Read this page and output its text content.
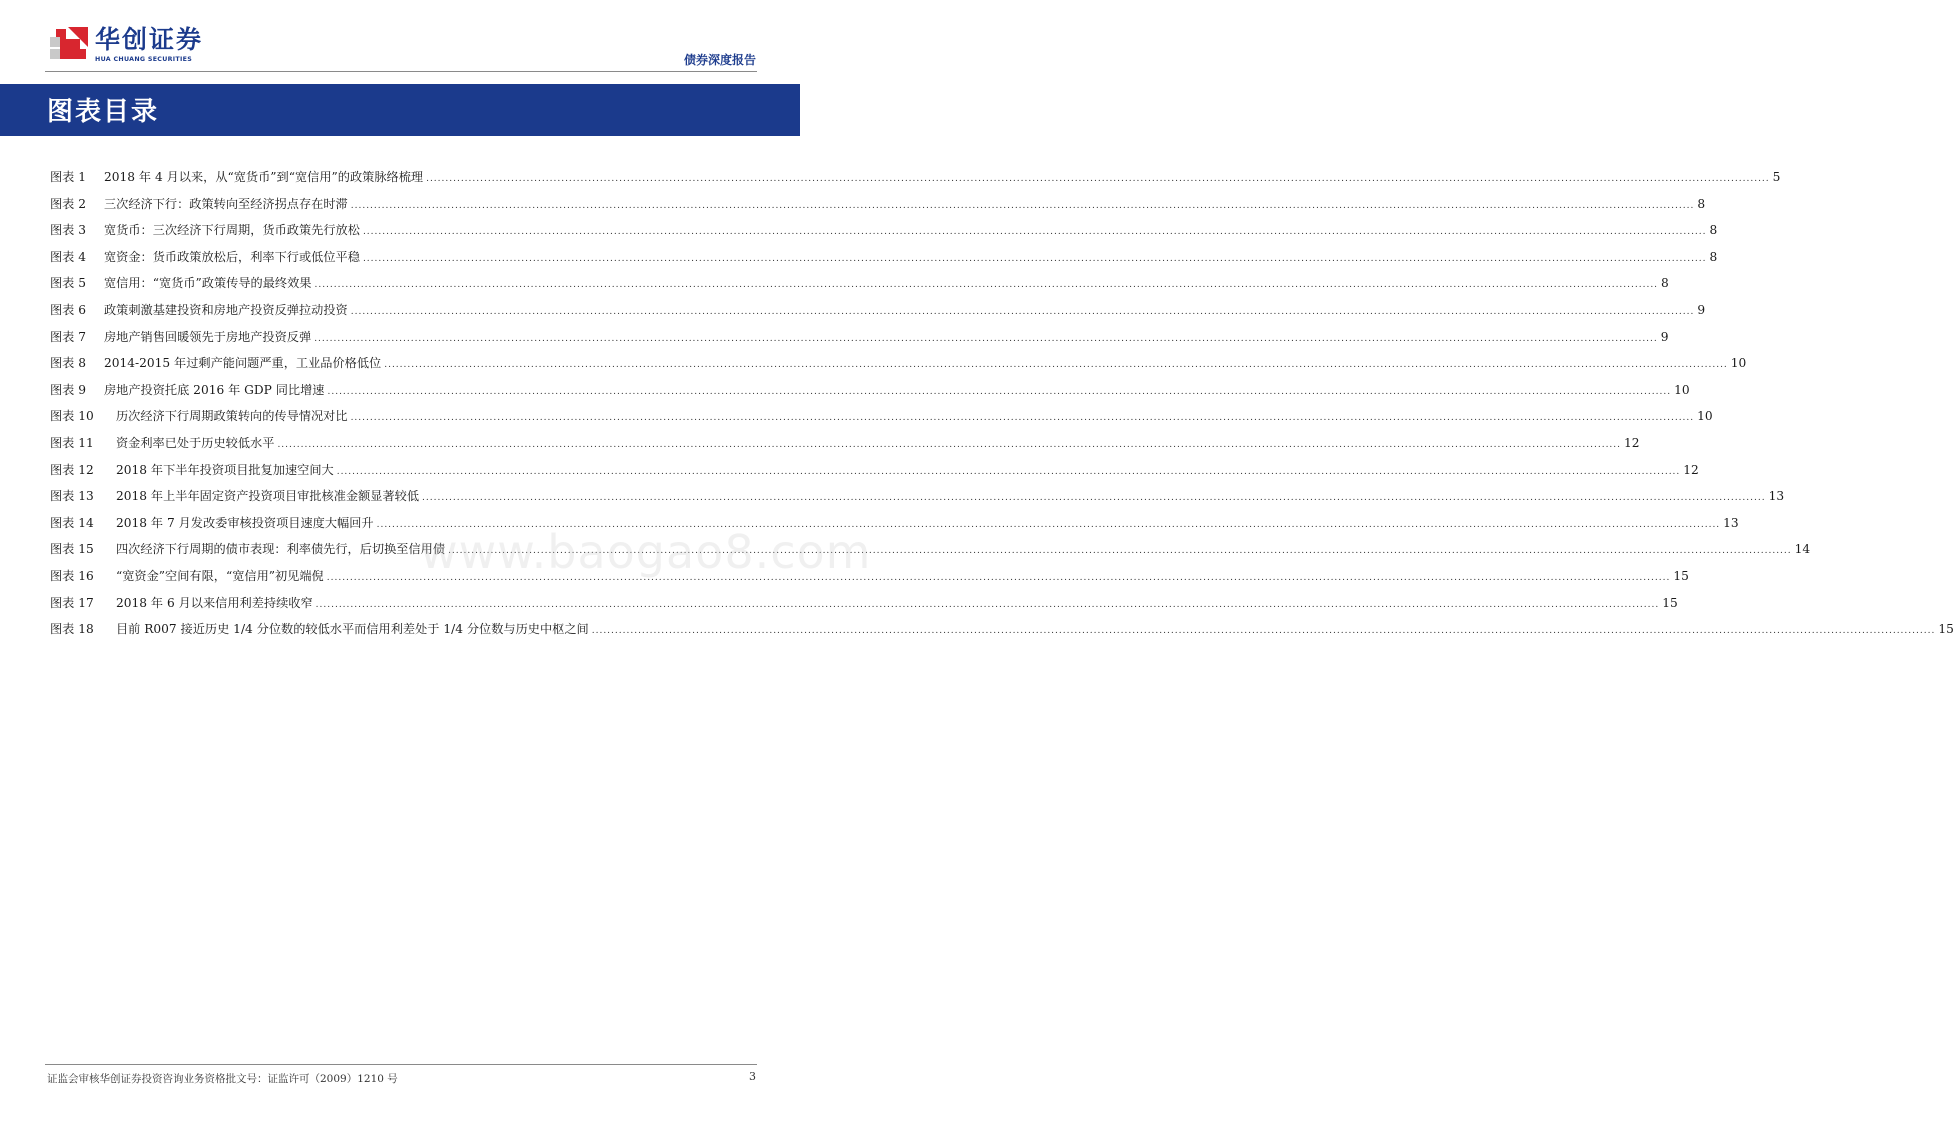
华创证券
HUA CHUANG SECURITIES	债券深度报告
图表目录
图表 1	2018 年 4 月以来，从“宽货币”到“宽信用”的政策脉络梳理 .....	5
图表 2	三次经济下行：政策转向至经济拐点存在时滞 .....	8
图表 3	宽货币：三次经济下行周期，货币政策先行放松 .....	8
图表 4	宽资金：货币政策放松后，利率下行或低位平稳 .....	8
图表 5	宽信用：“宽货币”政策传导的最终效果 .....	8
图表 6	政策刺激基建投资和房地产投资反弹拉动投资 .....	9
图表 7	房地产销售回暖领先于房地产投资反弹 .....	9
图表 8	2014-2015 年过剩产能问题严重，工业品价格低位 .....	10
图表 9	房地产投资托底 2016 年 GDP 同比增速 .....	10
图表 10	历次经济下行周期政策转向的传导情况对比 .....	10
图表 11	资金利率已处于历史较低水平 .....	12
图表 12	2018 年下半年投资项目批复加速空间大 .....	12
图表 13	2018 年上半年固定资产投资项目审批核准金额显著较低 .....	13
图表 14	2018 年 7 月发改委审核投资项目速度大幅回升 .....	13
图表 15	四次经济下行周期的债市表现：利率债先行，后切换至信用债 .....	14
图表 16	“宽资金”空间有限，“宽信用”初见端倪 .....	15
图表 17	2018 年 6 月以来信用利差持续收窄 .....	15
图表 18	目前 R007 接近历史 1/4 分位数的较低水平而信用利差处于 1/4 分位数与历史中枢之间 .....	15
www.baogao8.com
证监会审核华创证券投资咨询业务资格批文号：证监许可（2009）1210 号	3
